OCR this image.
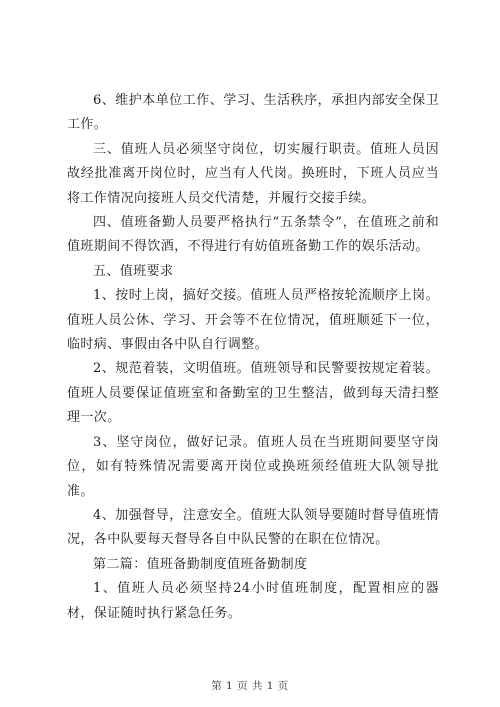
6、维护本单位工作、学习、生活秩序，承担内部安全保卫工作。

三、值班人员必须坚守岗位，切实履行职责。值班人员因故经批准离开岗位时，应当有人代岗。换班时，下班人员应当将工作情况向接班人员交代清楚，并履行交接手续。

四、值班备勤人员要严格执行“五条禁令”，在值班之前和值班期间不得饮酒，不得进行有妨值班备勤工作的娱乐活动。

五、值班要求

1、按时上岗，搞好交接。值班人员严格按轮流顺序上岗。值班人员公休、学习、开会等不在位情况，值班顺延下一位，临时病、事假由各中队自行调整。

2、规范着装，文明值班。值班领导和民警要按规定着装。值班人员要保证值班室和备勤室的卫生整洁，做到每天清扫整理一次。

3、坚守岗位，做好记录。值班人员在当班期间要坚守岗位，如有特殊情况需要离开岗位或换班须经值班大队领导批准。

4、加强督导，注意安全。值班大队领导要随时督导值班情况，各中队要每天督导各自中队民警的在职在位情况。

第二篇：值班备勤制度值班备勤制度

1、值班人员必须坚持24小时值班制度，配置相应的器材，保证随时执行紧急任务。

第 1 页 共 1 页
